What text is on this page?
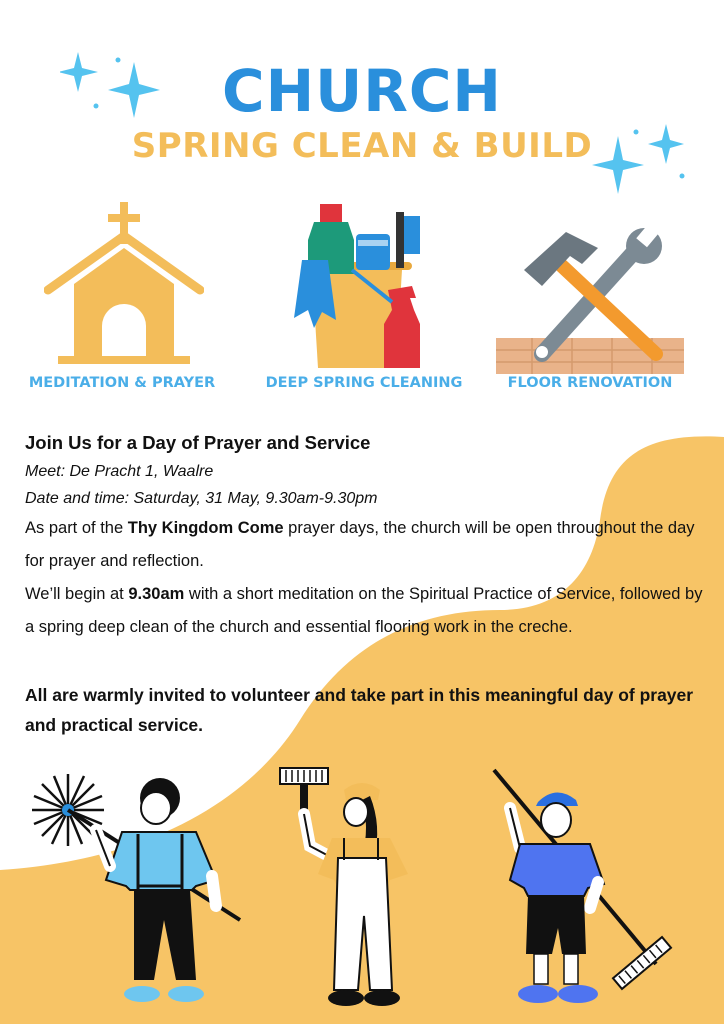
CHURCH
SPRING CLEAN & BUILD
MEDITATION & PRAYER	DEEP SPRING CLEANING	FLOOR RENOVATION
Join Us for a Day of Prayer and Service
Meet: De Pracht 1, Waalre
Date and time: Saturday, 31 May, 9.30am-9.30pm
As part of the Thy Kingdom Come prayer days, the church will be open throughout the day for prayer and reflection.
We’ll begin at 9.30am with a short meditation on the Spiritual Practice of Service, followed by a spring deep clean of the church and essential flooring work in the creche.
All are warmly invited to volunteer and take part in this meaningful day of prayer and practical service.
